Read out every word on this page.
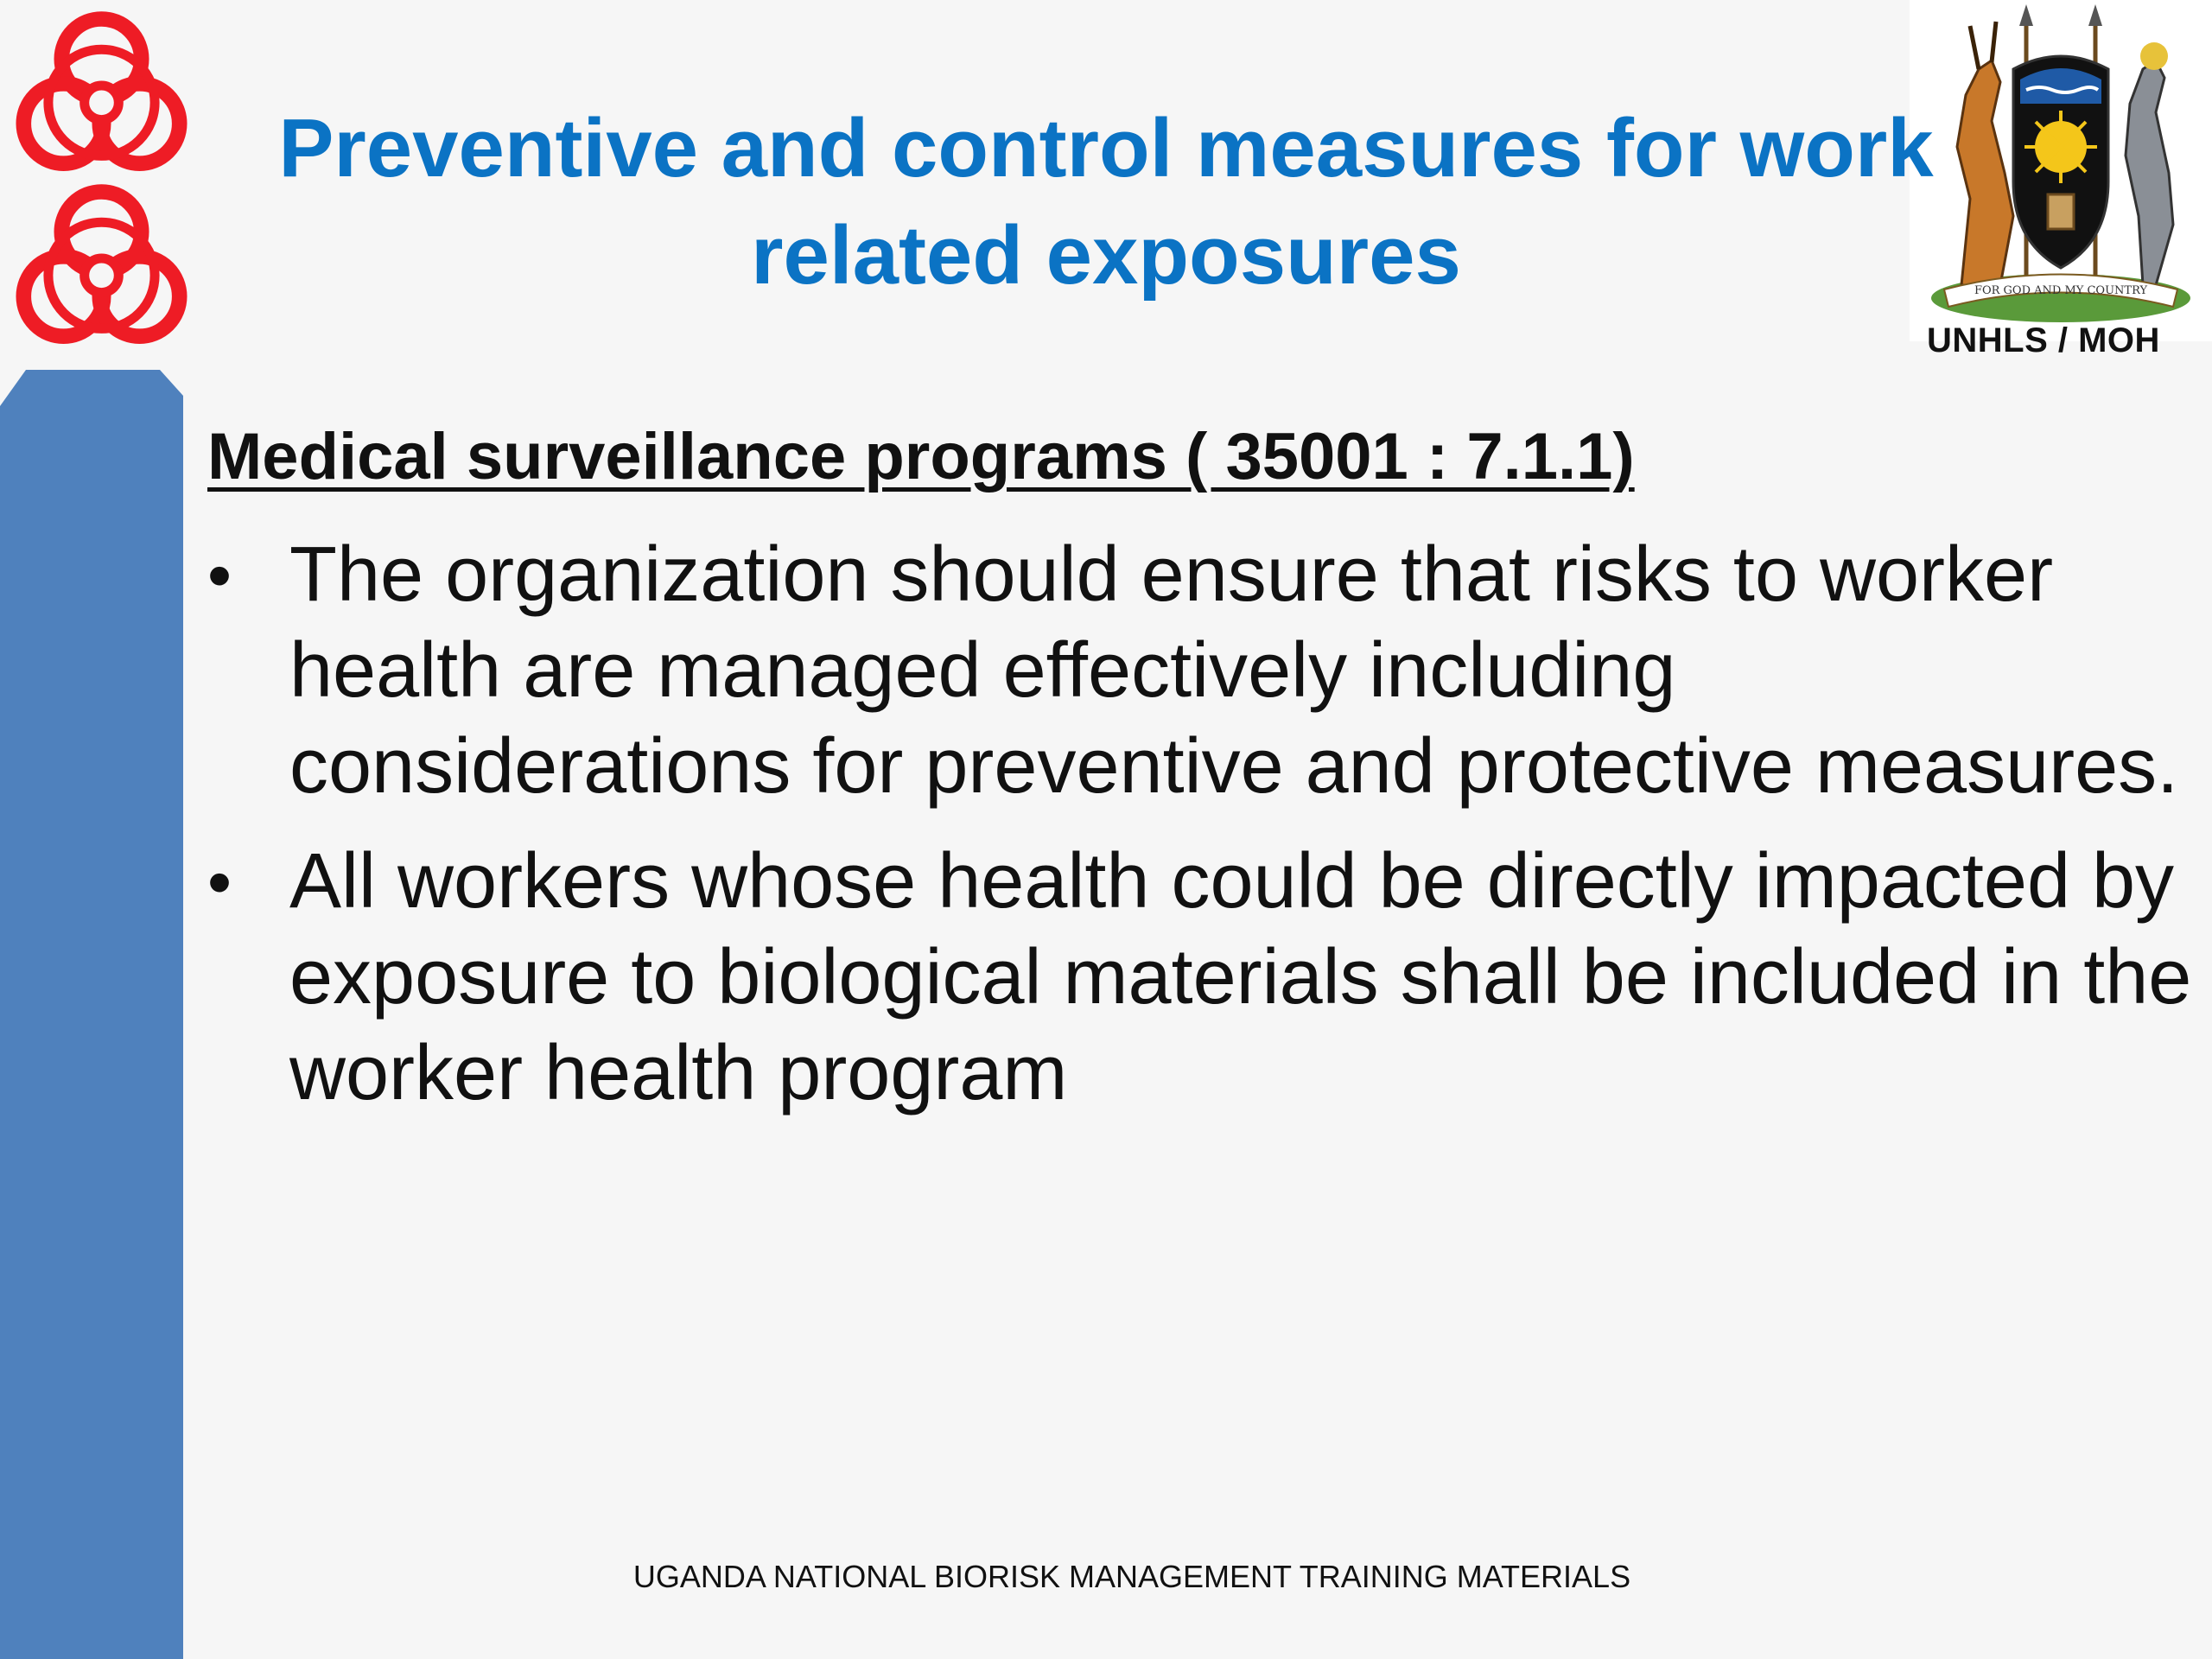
FOR GOD AND MY COUNTRY
UNHLS / MOH
Preventive and control measures for work
related exposures
Medical surveillance programs ( 35001 : 7.1.1)
• The organization should ensure that risks to worker health are managed effectively including considerations for preventive and protective measures.
• All workers whose health could be directly impacted by exposure to biological materials shall be included in the worker health program
UGANDA NATIONAL BIORISK MANAGEMENT TRAINING MATERIALS
